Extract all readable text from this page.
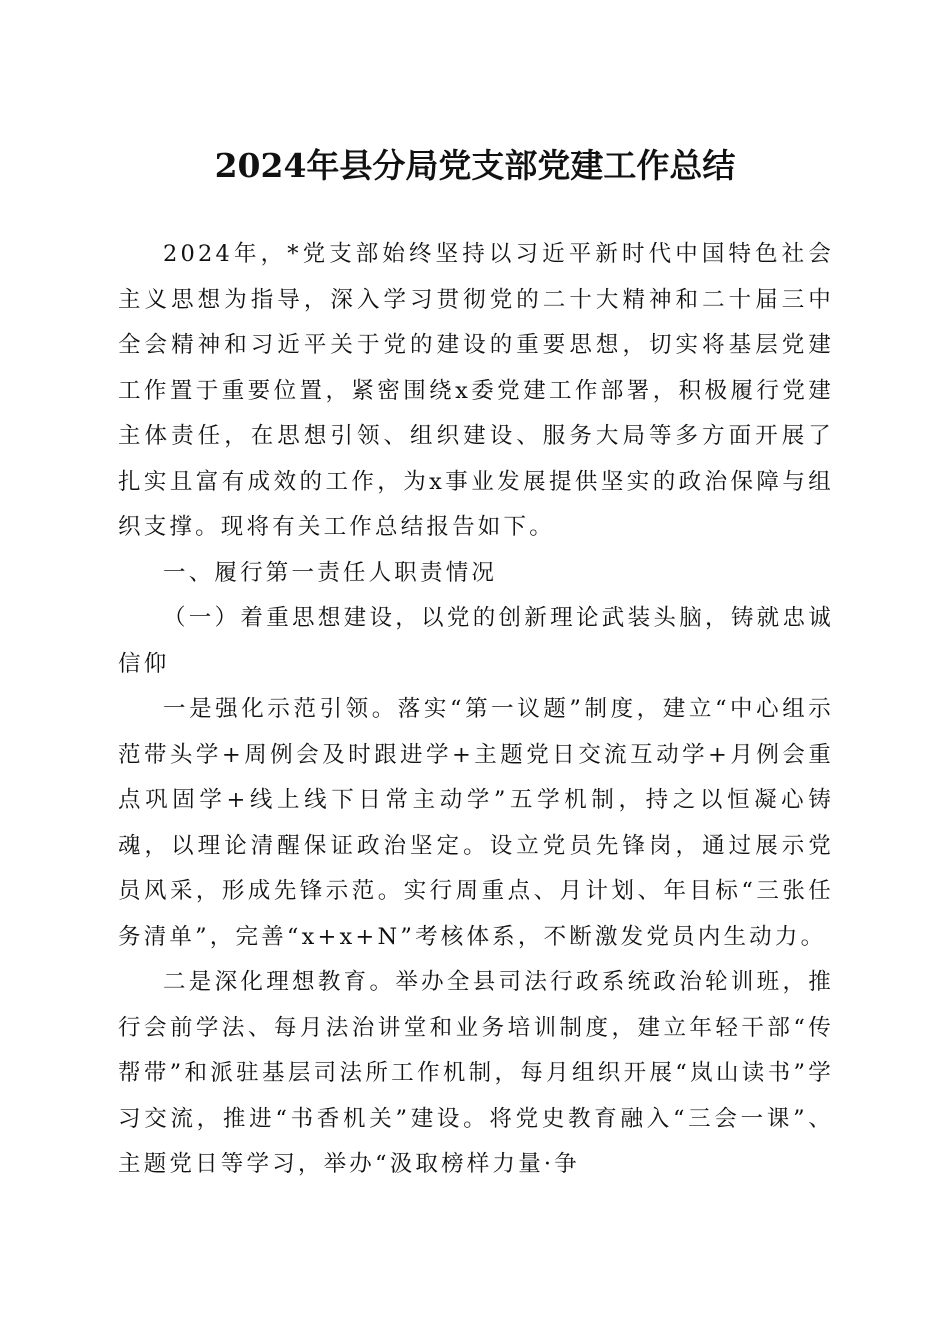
2024年县分局党支部党建工作总结

2024年，*党支部始终坚持以习近平新时代中国特色社会主义思想为指导，深入学习贯彻党的二十大精神和二十届三中全会精神和习近平关于党的建设的重要思想，切实将基层党建工作置于重要位置，紧密围绕x委党建工作部署，积极履行党建主体责任，在思想引领、组织建设、服务大局等多方面开展了扎实且富有成效的工作，为x事业发展提供坚实的政治保障与组织支撑。现将有关工作总结报告如下。

一、履行第一责任人职责情况

（一）着重思想建设，以党的创新理论武装头脑，铸就忠诚信仰

一是强化示范引领。落实“第一议题”制度，建立“中心组示范带头学+周例会及时跟进学+主题党日交流互动学+月例会重点巩固学+线上线下日常主动学”五学机制，持之以恒凝心铸魂，以理论清醒保证政治坚定。设立党员先锋岗，通过展示党员风采，形成先锋示范。实行周重点、月计划、年目标“三张任务清单”，完善“x+x+N”考核体系，不断激发党员内生动力。

二是深化理想教育。举办全县司法行政系统政治轮训班，推行会前学法、每月法治讲堂和业务培训制度，建立年轻干部“传帮带”和派驻基层司法所工作机制，每月组织开展“岚山读书”学习交流，推进“书香机关”建设。将党史教育融入“三会一课”、主题党日等学习，举办“汲取榜样力量·争
